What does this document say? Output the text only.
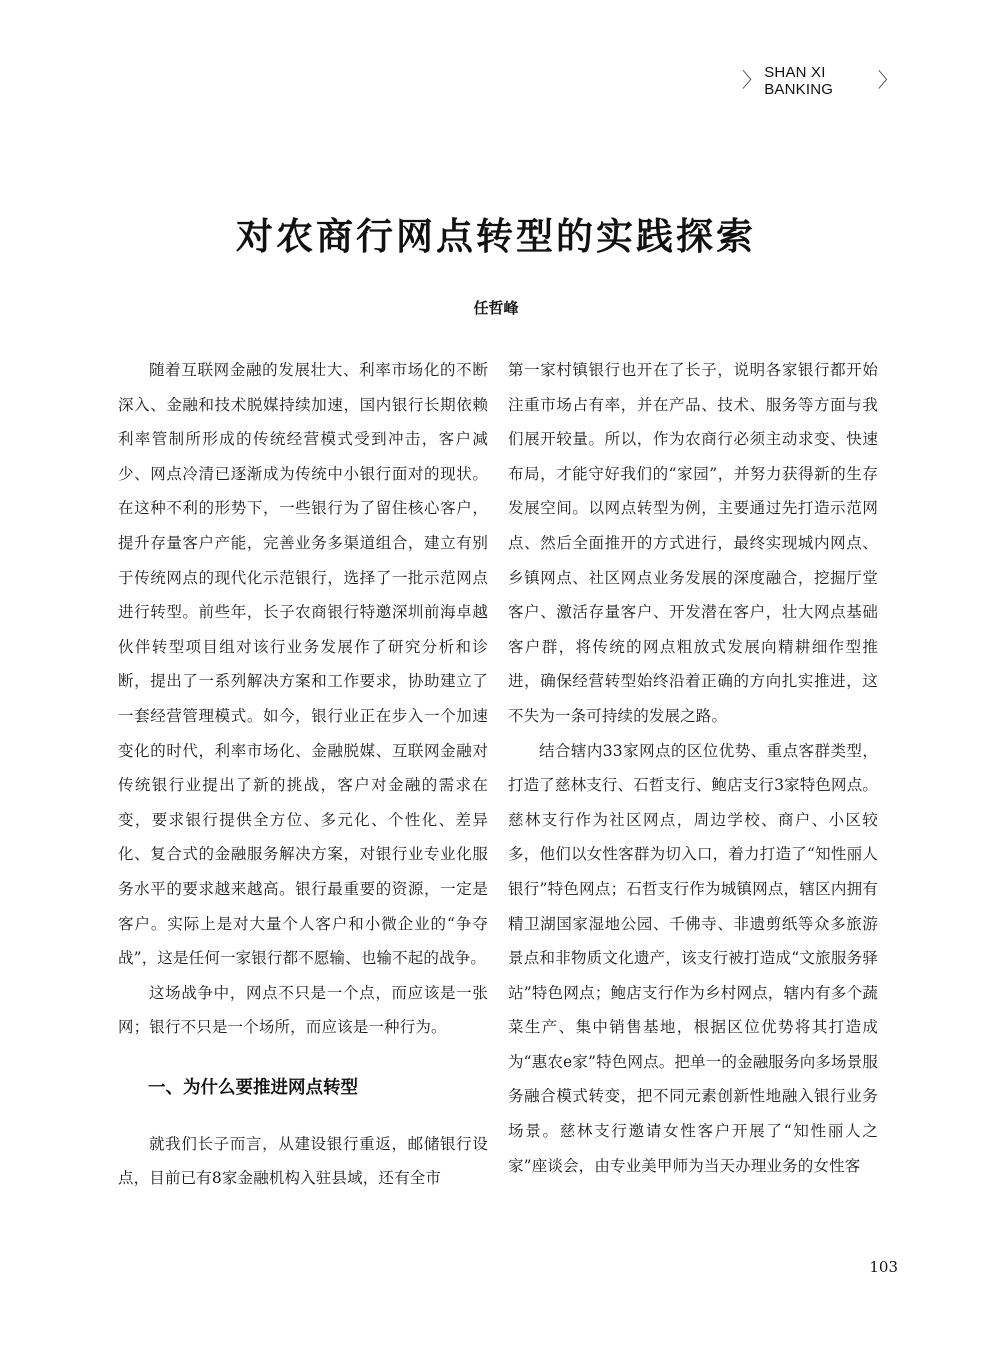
〉 SHAN XI BANKING	〉
对农商行网点转型的实践探索
任哲峰

随着互联网金融的发展壮大、利率市场化的不断深入、金融和技术脱媒持续加速，国内银行长期依赖利率管制所形成的传统经营模式受到冲击，客户减少、网点冷清已逐渐成为传统中小银行面对的现状。在这种不利的形势下，一些银行为了留住核心客户，提升存量客户产能，完善业务多渠道组合，建立有别于传统网点的现代化示范银行，选择了一批示范网点进行转型。前些年，长子农商银行特邀深圳前海卓越伙伴转型项目组对该行业务发展作了研究分析和诊断，提出了一系列解决方案和工作要求，协助建立了一套经营管理模式。如今，银行业正在步入一个加速变化的时代，利率市场化、金融脱媒、互联网金融对传统银行业提出了新的挑战，客户对金融的需求在变，要求银行提供全方位、多元化、个性化、差异化、复合式的金融服务解决方案，对银行业专业化服务水平的要求越来越高。银行最重要的资源，一定是客户。实际上是对大量个人客户和小微企业的“争夺战”，这是任何一家银行都不愿输、也输不起的战争。

这场战争中，网点不只是一个点，而应该是一张网；银行不只是一个场所，而应该是一种行为。

一、为什么要推进网点转型

就我们长子而言，从建设银行重返，邮储银行设点，目前已有8家金融机构入驻县域，还有全市

第一家村镇银行也开在了长子，说明各家银行都开始注重市场占有率，并在产品、技术、服务等方面与我们展开较量。所以，作为农商行必须主动求变、快速布局，才能守好我们的“家园”，并努力获得新的生存发展空间。以网点转型为例，主要通过先打造示范网点、然后全面推开的方式进行，最终实现城内网点、乡镇网点、社区网点业务发展的深度融合，挖掘厅堂客户、激活存量客户、开发潜在客户，壮大网点基础客户群，将传统的网点粗放式发展向精耕细作型推进，确保经营转型始终沿着正确的方向扎实推进，这不失为一条可持续的发展之路。

结合辖内33家网点的区位优势、重点客群类型，打造了慈林支行、石哲支行、鲍店支行3家特色网点。慈林支行作为社区网点，周边学校、商户、小区较多，他们以女性客群为切入口，着力打造了“知性丽人银行”特色网点；石哲支行作为城镇网点，辖区内拥有精卫湖国家湿地公园、千佛寺、非遗剪纸等众多旅游景点和非物质文化遗产，该支行被打造成“文旅服务驿站”特色网点；鲍店支行作为乡村网点，辖内有多个蔬菜生产、集中销售基地，根据区位优势将其打造成为“惠农e家”特色网点。把单一的金融服务向多场景服务融合模式转变，把不同元素创新性地融入银行业务场景。慈林支行邀请女性客户开展了“知性丽人之家”座谈会，由专业美甲师为当天办理业务的女性客

103
